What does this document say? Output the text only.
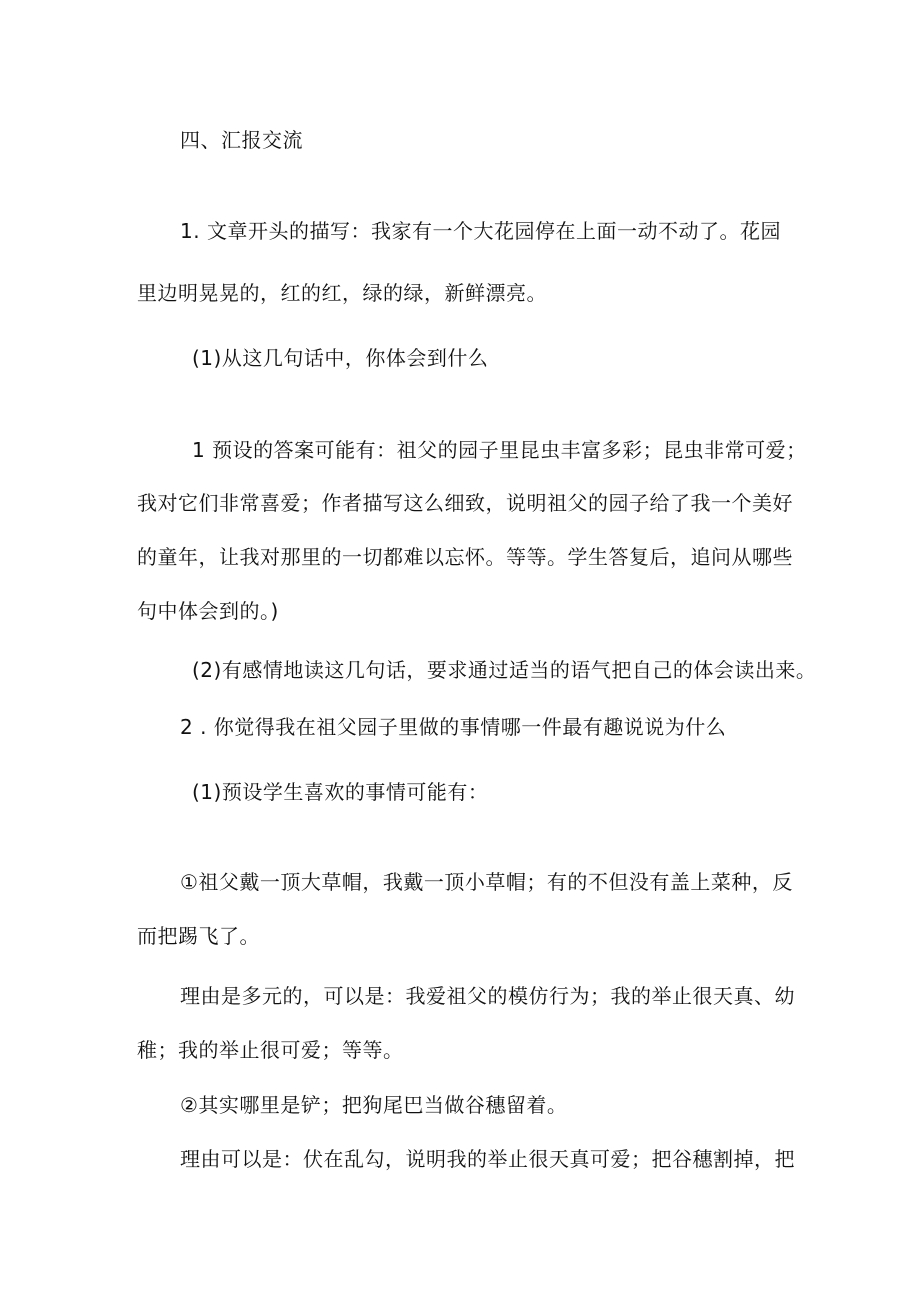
四、汇报交流
1. 文章开头的描写：我家有一个大花园停在上面一动不动了。花园
里边明晃晃的，红的红，绿的绿，新鲜漂亮。
(1)从这几句话中，你体会到什么
1 预设的答案可能有：祖父的园子里昆虫丰富多彩；昆虫非常可爱；
我对它们非常喜爱；作者描写这么细致，说明祖父的园子给了我一个美好
的童年，让我对那里的一切都难以忘怀。等等。学生答复后，追问从哪些
句中体会到的。)
(2)有感情地读这几句话，要求通过适当的语气把自己的体会读出来。
2 . 你觉得我在祖父园子里做的事情哪一件最有趣说说为什么
(1)预设学生喜欢的事情可能有：
①祖父戴一顶大草帽，我戴一顶小草帽；有的不但没有盖上菜种，反
而把踢飞了。
理由是多元的，可以是：我爱祖父的模仿行为；我的举止很天真、幼
稚；我的举止很可爱；等等。
②其实哪里是铲；把狗尾巴当做谷穗留着。
理由可以是：伏在乱勾，说明我的举止很天真可爱；把谷穗割掉，把
